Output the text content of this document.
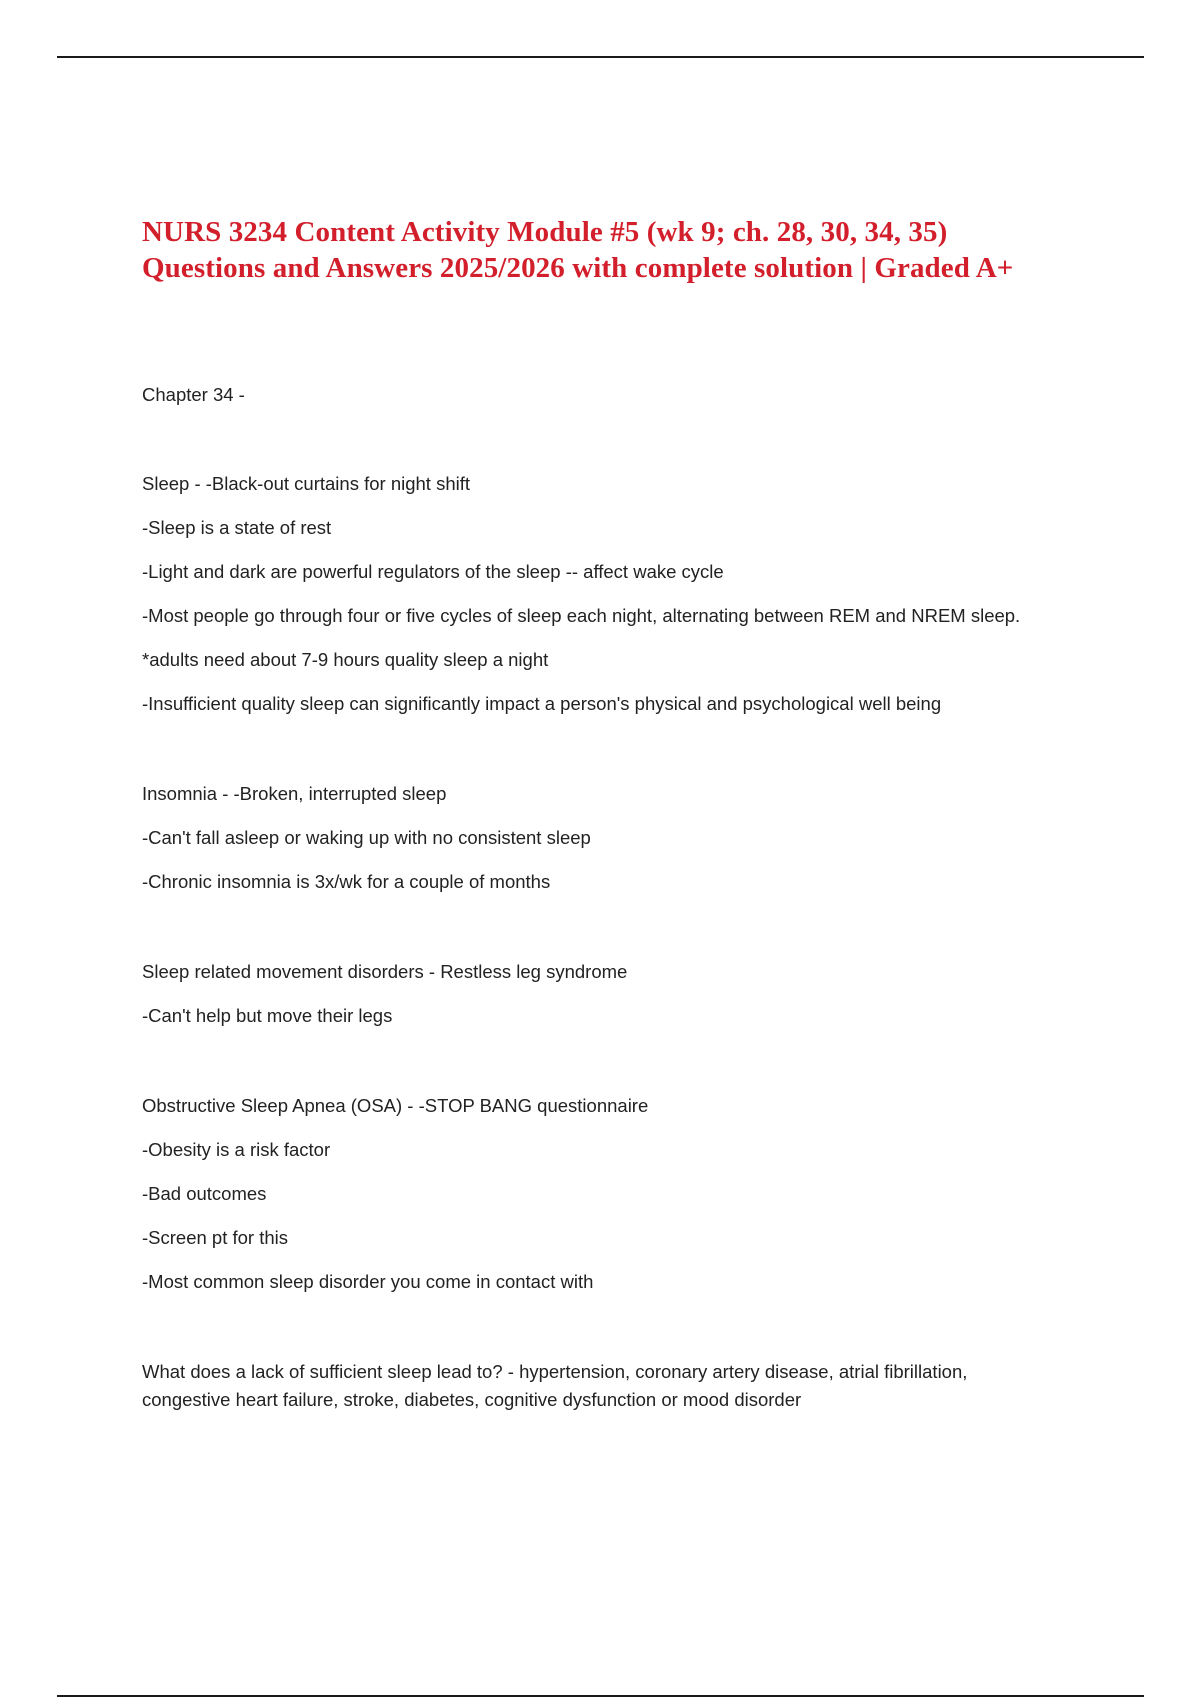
NURS 3234 Content Activity Module #5 (wk 9; ch. 28, 30, 34, 35) Questions and Answers 2025/2026 with complete solution | Graded A+
Chapter 34 -

Sleep - -Black-out curtains for night shift

-Sleep is a state of rest

-Light and dark are powerful regulators of the sleep -- affect wake cycle

-Most people go through four or five cycles of sleep each night, alternating between REM and NREM sleep.

*adults need about 7-9 hours quality sleep a night

-Insufficient quality sleep can significantly impact a person's physical and psychological well being

Insomnia - -Broken, interrupted sleep

-Can't fall asleep or waking up with no consistent sleep

-Chronic insomnia is 3x/wk for a couple of months

Sleep related movement disorders - Restless leg syndrome

-Can't help but move their legs

Obstructive Sleep Apnea (OSA) - -STOP BANG questionnaire

-Obesity is a risk factor

-Bad outcomes

-Screen pt for this

-Most common sleep disorder you come in contact with

What does a lack of sufficient sleep lead to? - hypertension, coronary artery disease, atrial fibrillation, congestive heart failure, stroke, diabetes, cognitive dysfunction or mood disorder
